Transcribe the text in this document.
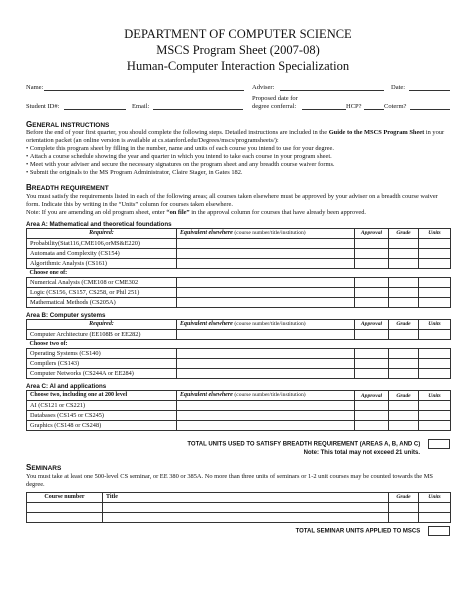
DEPARTMENT OF COMPUTER SCIENCE
MSCS Program Sheet (2007-08)
Human-Computer Interaction Specialization
Name:	Adviser:	Date:
Student ID#:	Email:
Proposed date for
degree conferral:	HCP?	Coterm?
GENERAL INSTRUCTIONS

Before the end of your first quarter, you should complete the following steps. Detailed instructions are included in the Guide to the MSCS Program Sheet in your orientation packet (an online version is available at cs.stanford.edu/Degrees/mscs/programsheets/):

• Complete this program sheet by filling in the number, name and units of each course you intend to use for your degree.
• Attach a course schedule showing the year and quarter in which you intend to take each course in your program sheet.
• Meet with your adviser and secure the necessary signatures on the program sheet and any breadth course waiver forms.
• Submit the originals to the MS Program Administrator, Claire Stager, in Gates 182.
BREADTH REQUIREMENT

You must satisfy the requirements listed in each of the following areas; all courses taken elsewhere must be approved by your adviser on a breadth course waiver form. Indicate this by writing in the “Units” column for courses taken elsewhere.

Note: If you are amending an old program sheet, enter “on file” in the approval column for courses that have already been approved.

Area A: Mathematical and theoretical foundations
Required:	Equivalent elsewhere (course number/title/institution)	Approval	Grade	Units
Probability(Stat116,CME106,orMS&E220)				
Automata and Complexity (CS154)				
Algorithmic Analysis (CS161)				
Choose one of:				
Numerical Analysis (CME108 or CME302				
Logic (CS156, CS157, CS258, or Phil 251)				
Mathematical Methods (CS205A)				
Area B: Computer systems
Required:	Equivalent elsewhere (course number/title/institution)	Approval	Grade	Units
Computer Architecture (EE108B or EE282)				
Choose two of:				
Operating Systems (CS140)				
Compilers (CS143)				
Computer Networks (CS244A or EE284)				
Area C: AI and applications
Choose two, including one at 200 level	Equivalent elsewhere (course number/title/institution)	Approval	Grade	Units
AI (CS121 or CS221)				
Databases (CS145 or CS245)				
Graphics (CS148 or CS248)				
TOTAL UNITS USED TO SATISFY BREADTH REQUIREMENT (AREAS A, B, AND C)
Note: This total may not exceed 21 units.
SEMINARS

You must take at least one 500-level CS seminar, or EE 380 or 385A. No more than three units of seminars or 1-2 unit courses may be counted towards the MS degree.

Course number	Title	Grade	Units

TOTAL SEMINAR UNITS APPLIED TO MSCS
